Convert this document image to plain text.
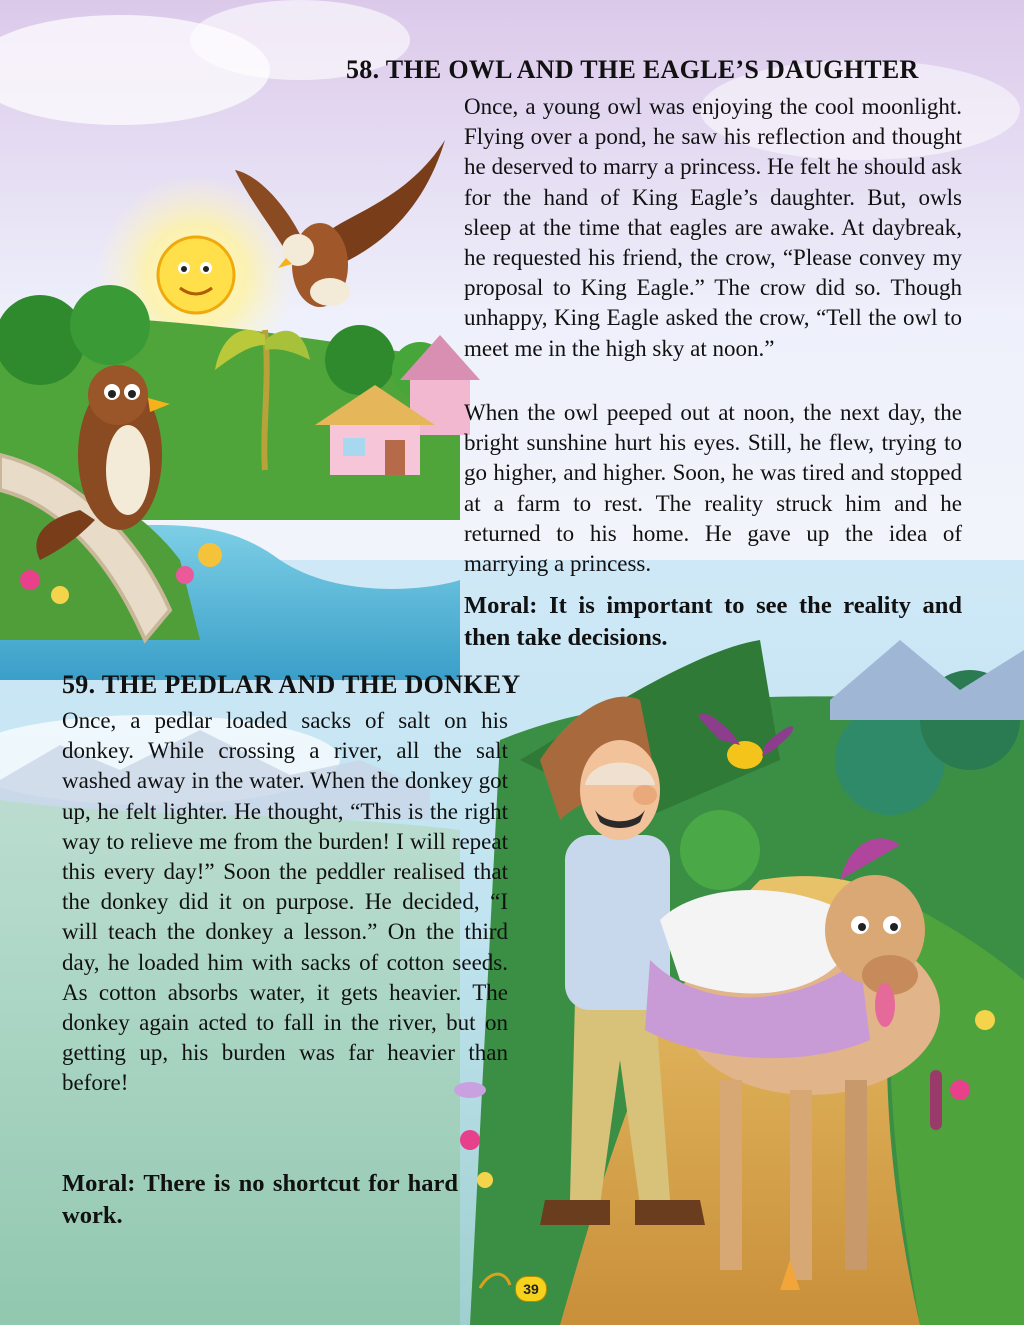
58. THE OWL AND THE EAGLE’S DAUGHTER

Once, a young owl was enjoying the cool moonlight. Flying over a pond, he saw his reflection and thought he deserved to marry a princess. He felt he should ask for the hand of King Eagle’s daughter. But, owls sleep at the time that eagles are awake. At daybreak, he requested his friend, the crow, “Please convey my proposal to King Eagle.” The crow did so. Though unhappy, King Eagle asked the crow, “Tell the owl to meet me in the high sky at noon.”

When the owl peeped out at noon, the next day, the bright sunshine hurt his eyes. Still, he flew, trying to go higher, and higher. Soon, he was tired and stopped at a farm to rest. The reality struck him and he returned to his home. He gave up the idea of marrying a princess.

Moral: It is important to see the reality and then take decisions.

59. THE PEDLAR AND THE DONKEY

Once, a pedlar loaded sacks of salt on his donkey. While crossing a river, all the salt washed away in the water. When the donkey got up, he felt lighter. He thought, “This is the right way to relieve me from the burden! I will repeat this every day!” Soon the peddler realised that the donkey did it on purpose. He decided, “I will teach the donkey a lesson.” On the third day, he loaded him with sacks of cotton seeds. As cotton absorbs water, it gets heavier. The donkey again acted to fall in the river, but on getting up, his burden was far heavier than before!

Moral: There is no shortcut for hard work.

39
